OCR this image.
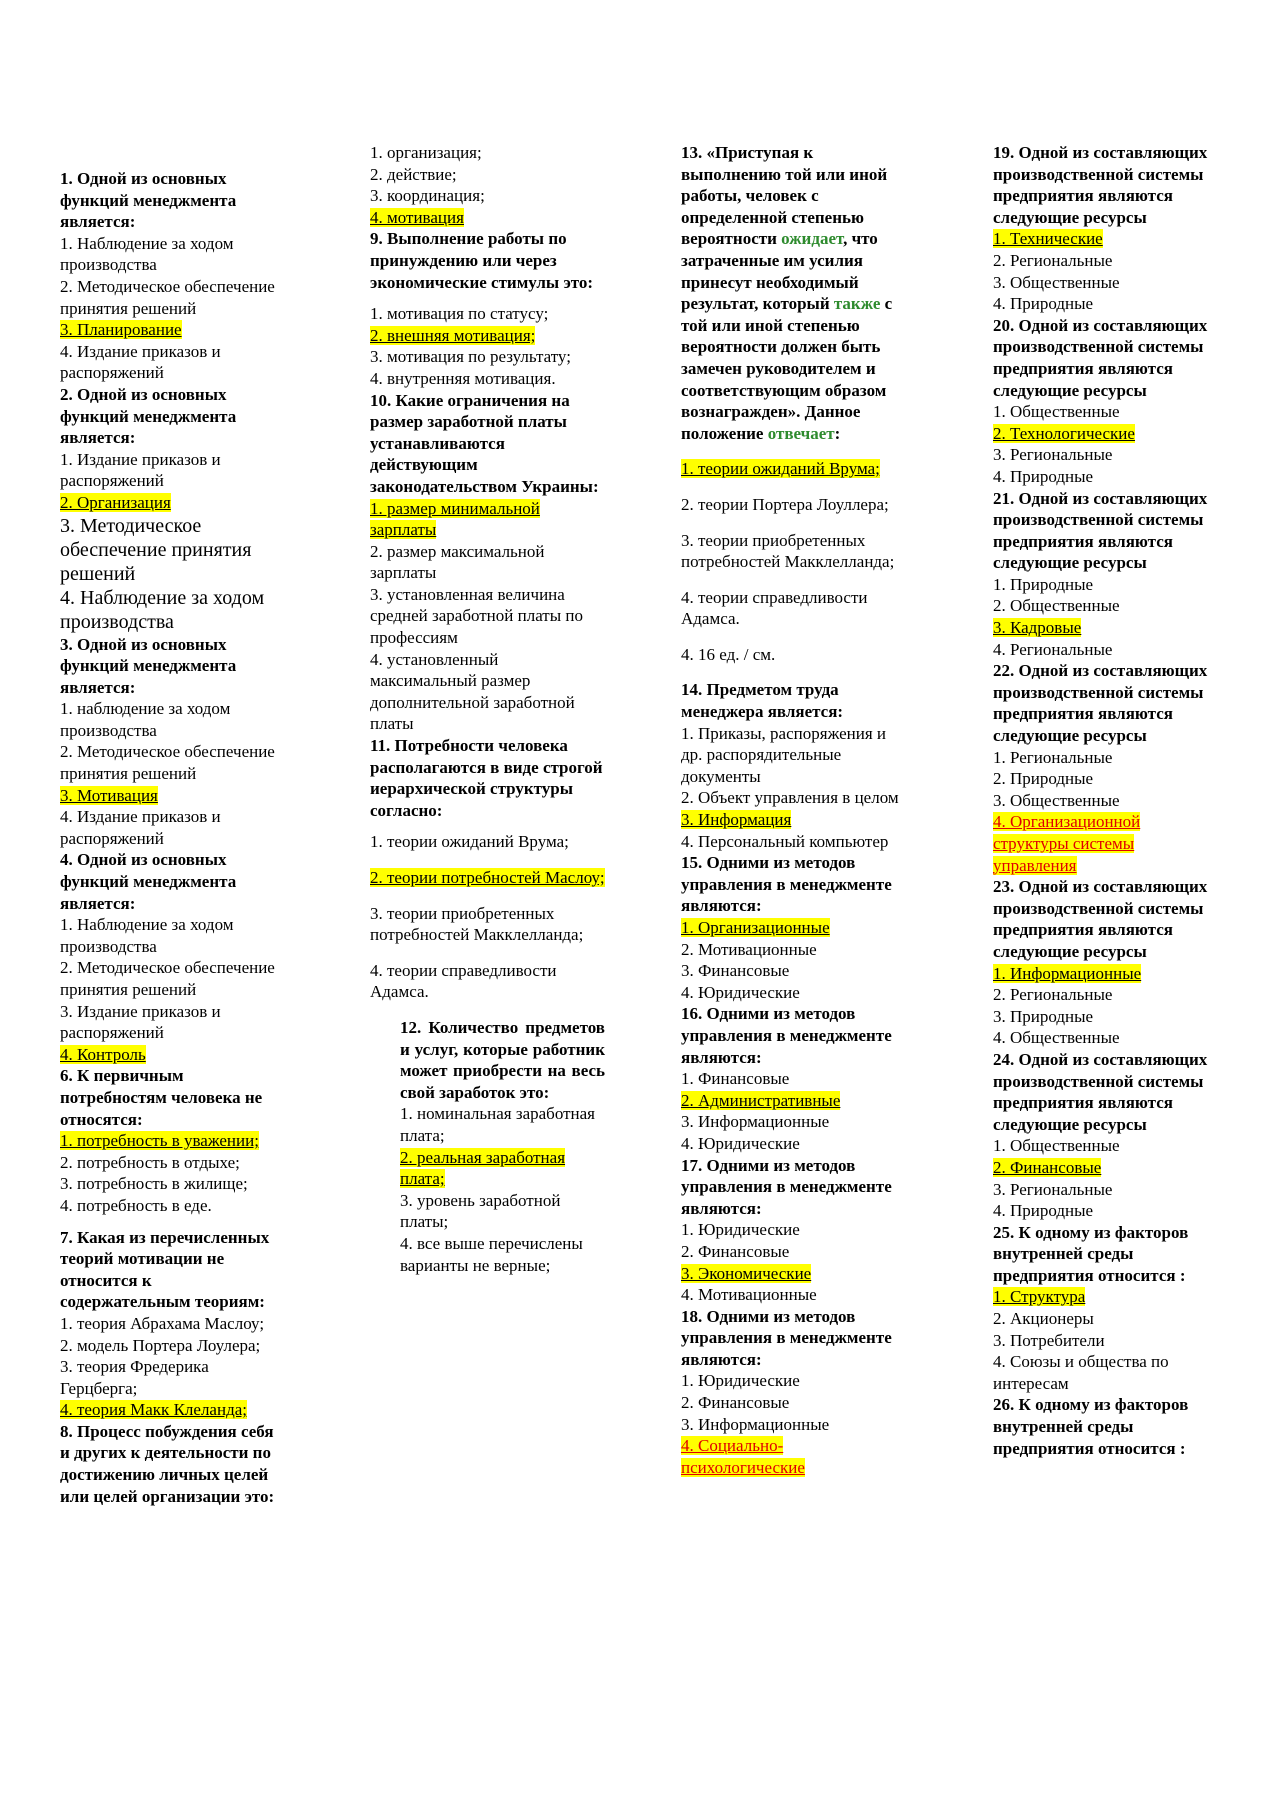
1. Одной из основных функций менеджмента является:
1. Наблюдение за ходом производства
2. Методическое обеспечение принятия решений
3. Планирование
4. Издание приказов и распоряжений
2. Одной из основных функций менеджмента является:
1. Издание приказов и распоряжений
2. Организация
3. Методическое обеспечение принятия решений
4. Наблюдение за ходом производства
3. Одной из основных функций менеджмента является:
1. наблюдение за ходом производства
2. Методическое обеспечение принятия решений
3. Мотивация
4. Издание приказов и распоряжений
4. Одной из основных функций менеджмента является:
1. Наблюдение за ходом производства
2. Методическое обеспечение принятия решений
3. Издание приказов и распоряжений
4. Контроль
6. К первичным потребностям человека не относятся:
1. потребность в уважении;
2. потребность в отдыхе;
3. потребность в жилище;
4. потребность в еде.
7. Какая из перечисленных теорий мотивации не относится к содержательным теориям:
1. теория Абрахама Маслоу;
2. модель Портера Лоулера;
3. теория Фредерика Герцберга;
4. теория Макк Клеланда;
8. Процесс побуждения себя и других к деятельности по достижению личных целей или целей организации это:
1. организация;
2. действие;
3. координация;
4. мотивация
9. Выполнение работы по принуждению или через экономические стимулы это:
1. мотивация по статусу;
2. внешняя мотивация;
3. мотивация по результату;
4. внутренняя мотивация.
10. Какие ограничения на размер заработной платы устанавливаются действующим законодательством Украины:
1. размер минимальной зарплаты
2. размер максимальной зарплаты
3. установленная величина средней заработной платы по профессиям
4. установленный максимальный размер дополнительной заработной платы
11. Потребности человека располагаются в виде строгой иерархической структуры согласно:
1. теории ожиданий Врума;
2. теории потребностей Маслоу;
3. теории приобретенных потребностей Макклелланда;
4. теории справедливости Адамса.
12. Количество предметов и услуг, которые работник может приобрести на весь свой заработок это:
1. номинальная заработная плата;
2. реальная заработная плата;
3. уровень заработной платы;
4. все выше перечислены варианты не верные;
13. «Приступая к выполнению той или иной работы, человек с определенной степенью вероятности ожидает, что затраченные им усилия принесут необходимый результат, который также с той или иной степенью вероятности должен быть замечен руководителем и соответствующим образом вознагражден». Данное положение отвечает:
1. теории ожиданий Врума;
2. теории Портера Лоуллера;
3. теории приобретенных потребностей Макклелланда;
4. теории справедливости Адамса.
4. 16 ед. / см.
14. Предметом труда менеджера является:
1. Приказы, распоряжения и др. распорядительные документы
2. Объект управления в целом
3. Информация
4. Персональный компьютер
15. Одними из методов управления в менеджменте являются:
1. Организационные
2. Мотивационные
3. Финансовые
4. Юридические
16. Одними из методов управления в менеджменте являются:
1. Финансовые
2. Административные
3. Информационные
4. Юридические
17. Одними из методов управления в менеджменте являются:
1. Юридические
2. Финансовые
3. Экономические
4. Мотивационные
18. Одними из методов управления в менеджменте являются:
1. Юридические
2. Финансовые
3. Информационные
4. Социально-психологические
19. Одной из составляющих производственной системы предприятия являются следующие ресурсы
1. Технические
2. Региональные
3. Общественные
4. Природные
20. Одной из составляющих производственной системы предприятия являются следующие ресурсы
1. Общественные
2. Технологические
3. Региональные
4. Природные
21. Одной из составляющих производственной системы предприятия являются следующие ресурсы
1. Природные
2. Общественные
3. Кадровые
4. Региональные
22. Одной из составляющих производственной системы предприятия являются следующие ресурсы
1. Региональные
2. Природные
3. Общественные
4. Организационной структуры системы управления
23. Одной из составляющих производственной системы предприятия являются следующие ресурсы
1. Информационные
2. Региональные
3. Природные
4. Общественные
24. Одной из составляющих производственной системы предприятия являются следующие ресурсы
1. Общественные
2. Финансовые
3. Региональные
4. Природные
25. К одному из факторов внутренней среды предприятия относится :
1. Структура
2. Акционеры
3. Потребители
4. Союзы и общества по интересам
26. К одному из факторов внутренней среды предприятия относится :
